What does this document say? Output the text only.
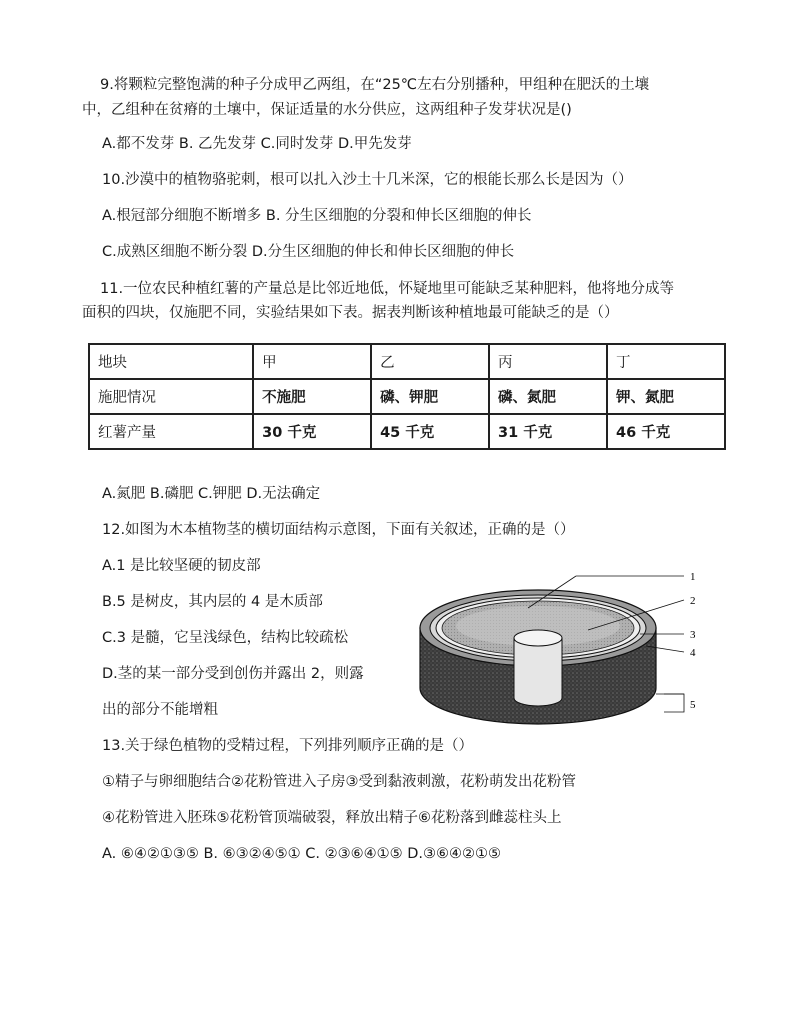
9.将颗粒完整饱满的种子分成甲乙两组，在“25℃左右分别播种，甲组种在肥沃的土壤
中，乙组种在贫瘠的土壤中，保证适量的水分供应，这两组种子发芽状况是()
A.都不发芽 B. 乙先发芽 C.同时发芽 D.甲先发芽
10.沙漠中的植物骆驼刺，根可以扎入沙土十几米深，它的根能长那么长是因为（）
A.根冠部分细胞不断增多 B. 分生区细胞的分裂和伸长区细胞的伸长
C.成熟区细胞不断分裂 D.分生区细胞的伸长和伸长区细胞的伸长
11.一位农民种植红薯的产量总是比邻近地低，怀疑地里可能缺乏某种肥料，他将地分成等
面积的四块，仅施肥不同，实验结果如下表。据表判断该种植地最可能缺乏的是（）
地块	甲	乙	丙	丁
施肥情况	不施肥	磷、钾肥	磷、氮肥	钾、氮肥
红薯产量	30 千克	45 千克	31 千克	46 千克
A.氮肥 B.磷肥 C.钾肥 D.无法确定
12.如图为木本植物茎的横切面结构示意图，下面有关叙述，正确的是（）
A.1 是比较坚硬的韧皮部
B.5 是树皮，其内层的 4 是木质部
C.3 是髓，它呈浅绿色，结构比较疏松
D.茎的某一部分受到创伤并露出 2，则露
出的部分不能增粗
1
2
3
4
5
13.关于绿色植物的受精过程，下列排列顺序正确的是（）
①精子与卵细胞结合②花粉管进入子房③受到黏液刺激，花粉萌发出花粉管
④花粉管进入胚珠⑤花粉管顶端破裂，释放出精子⑥花粉落到雌蕊柱头上
A. ⑥④②①③⑤ B. ⑥③②④⑤① C. ②③⑥④①⑤ D.③⑥④②①⑤
